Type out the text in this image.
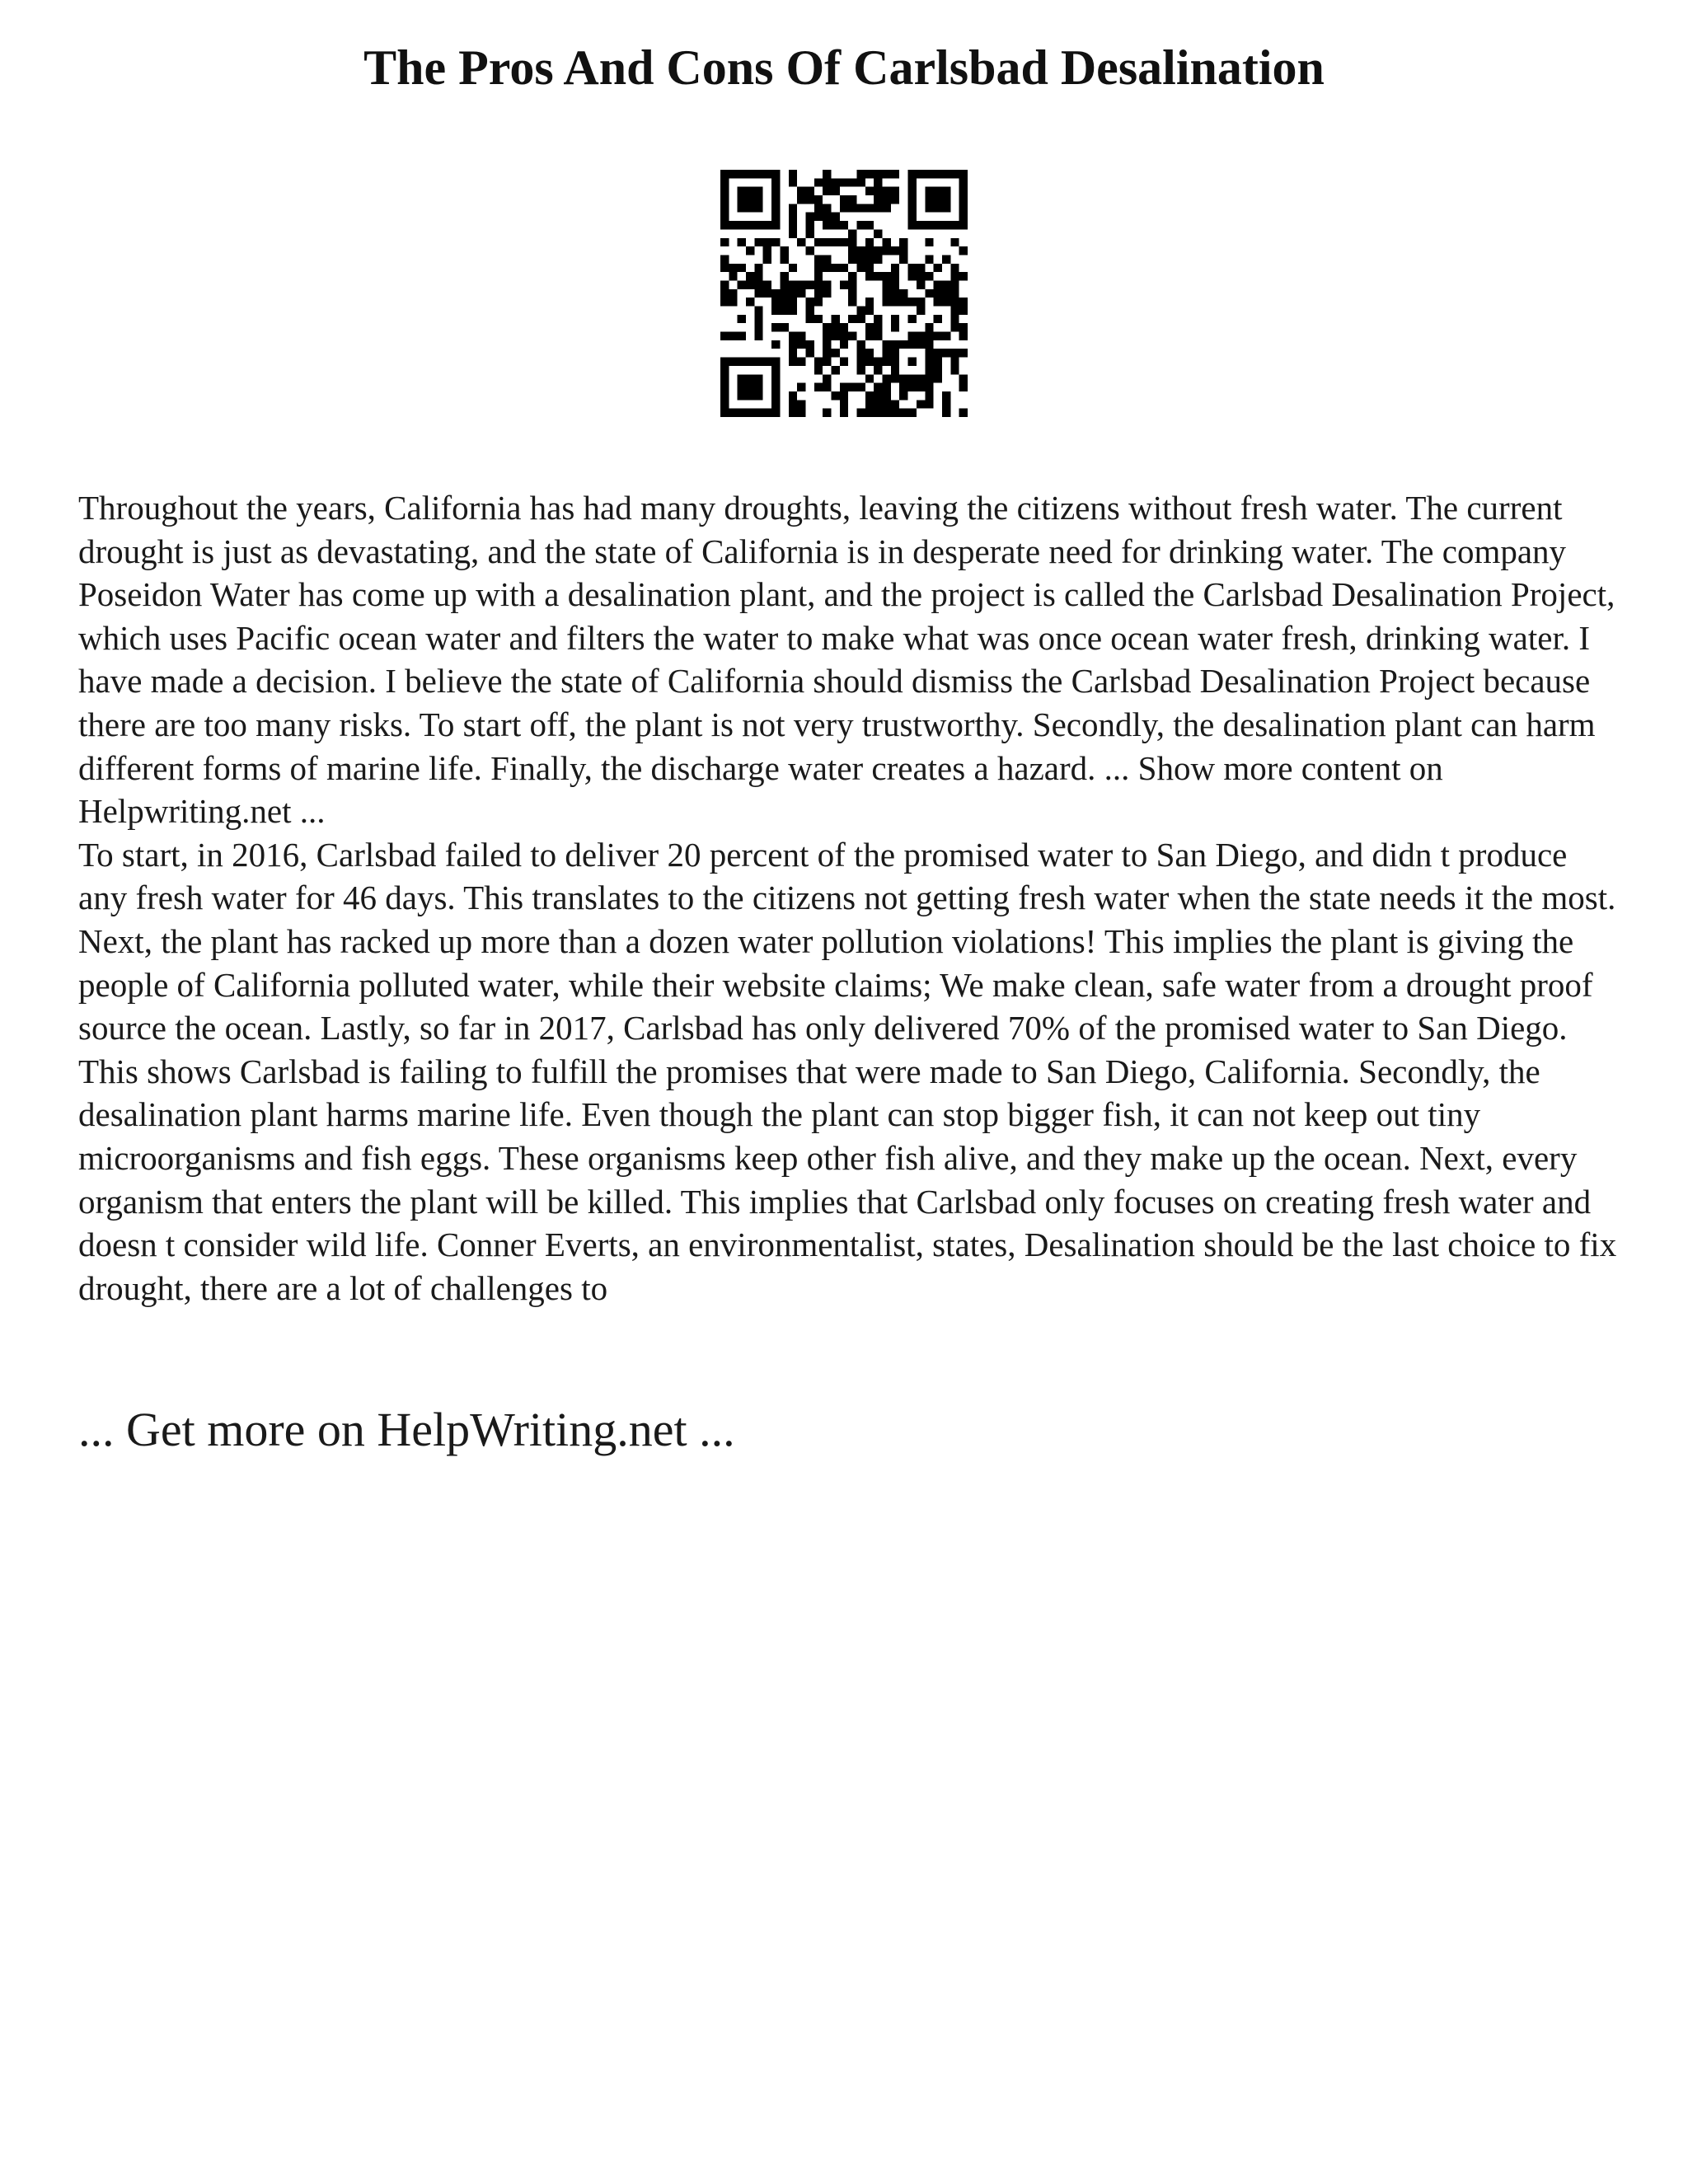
The Pros And Cons Of Carlsbad Desalination

Throughout the years, California has had many droughts, leaving the citizens without fresh water. The current drought is just as devastating, and the state of California is in desperate need for drinking water. The company Poseidon Water has come up with a desalination plant, and the project is called the Carlsbad Desalination Project, which uses Pacific ocean water and filters the water to make what was once ocean water fresh, drinking water. I have made a decision. I believe the state of California should dismiss the Carlsbad Desalination Project because there are too many risks. To start off, the plant is not very trustworthy. Secondly, the desalination plant can harm different forms of marine life. Finally, the discharge water creates a hazard. ... Show more content on Helpwriting.net ...

To start, in 2016, Carlsbad failed to deliver 20 percent of the promised water to San Diego, and didn t produce any fresh water for 46 days. This translates to the citizens not getting fresh water when the state needs it the most. Next, the plant has racked up more than a dozen water pollution violations! This implies the plant is giving the people of California polluted water, while their website claims; We make clean, safe water from a drought proof source the ocean. Lastly, so far in 2017, Carlsbad has only delivered 70% of the promised water to San Diego. This shows Carlsbad is failing to fulfill the promises that were made to San Diego, California. Secondly, the desalination plant harms marine life. Even though the plant can stop bigger fish, it can not keep out tiny microorganisms and fish eggs. These organisms keep other fish alive, and they make up the ocean. Next, every organism that enters the plant will be killed. This implies that Carlsbad only focuses on creating fresh water and doesn t consider wild life. Conner Everts, an environmentalist, states, Desalination should be the last choice to fix drought, there are a lot of challenges to

... Get more on HelpWriting.net ...
